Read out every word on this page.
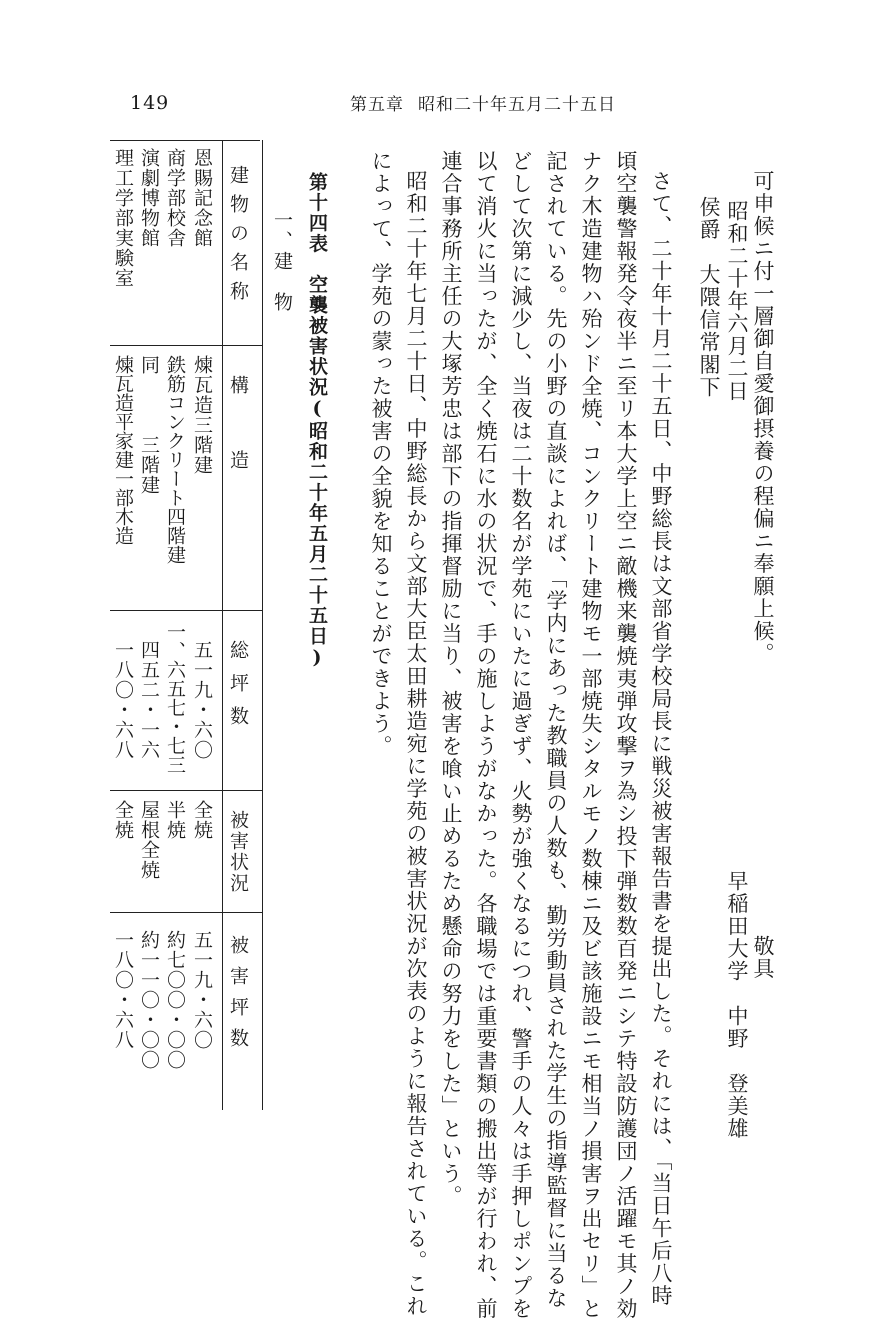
149	第五章 昭和二十年五月二十五日
可申候ニ付一層御自愛御摂養の程偏ニ奉願上候。
昭和二十年六月二日
侯爵　大隈信常閣下
早稲田大学　中野　登美雄 敬具
さて、二十年十月二十五日、中野総長は文部省学校局長に戦災被害報告書を提出した。それには、「当日午后八時
頃空襲警報発令夜半ニ至リ本大学上空ニ敵機来襲焼夷弾攻撃ヲ為シ投下弾数数百発ニシテ特設防護団ノ活躍モ其ノ効
ナク木造建物ハ殆ンド全焼、コンクリート建物モ一部焼失シタルモノ数棟ニ及ビ該施設ニモ相当ノ損害ヲ出セリ」と
記されている。先の小野の直談によれば、「学内にあった教職員の人数も、勤労動員された学生の指導監督に当るな
どして次第に減少し、当夜は二十数名が学苑にいたに過ぎず、火勢が強くなるにつれ、警手の人々は手押しポンプを
以て消火に当ったが、全く焼石に水の状況で、手の施しようがなかった。各職場では重要書類の搬出等が行われ、前
連合事務所主任の大塚芳忠は部下の指揮督励に当り、被害を喰い止めるため懸命の努力をした」という。
昭和二十年七月二十日、中野総長から文部大臣太田耕造宛に学苑の被害状況が次表のように報告されている。これ
によって、学苑の蒙った被害の全貌を知ることができよう。
第十四表　空襲被害状況(昭和二十年五月二十五日)
一、建　物
建物の名称
構　　造
総坪数
被害状況
被害坪数
恩賜記念館
煉瓦造三階建
五一九・六〇
全焼
五一九・六〇
商学部校舎
鉄筋コンクリート四階建
一、六五七・七三
半焼
約七〇〇・〇〇
演劇博物館
同　　　三階建
四五二・一六
屋根全焼
約一一〇・〇〇
理工学部実験室
煉瓦造平家建一部木造
一八〇・六八
全焼
一八〇・六八
